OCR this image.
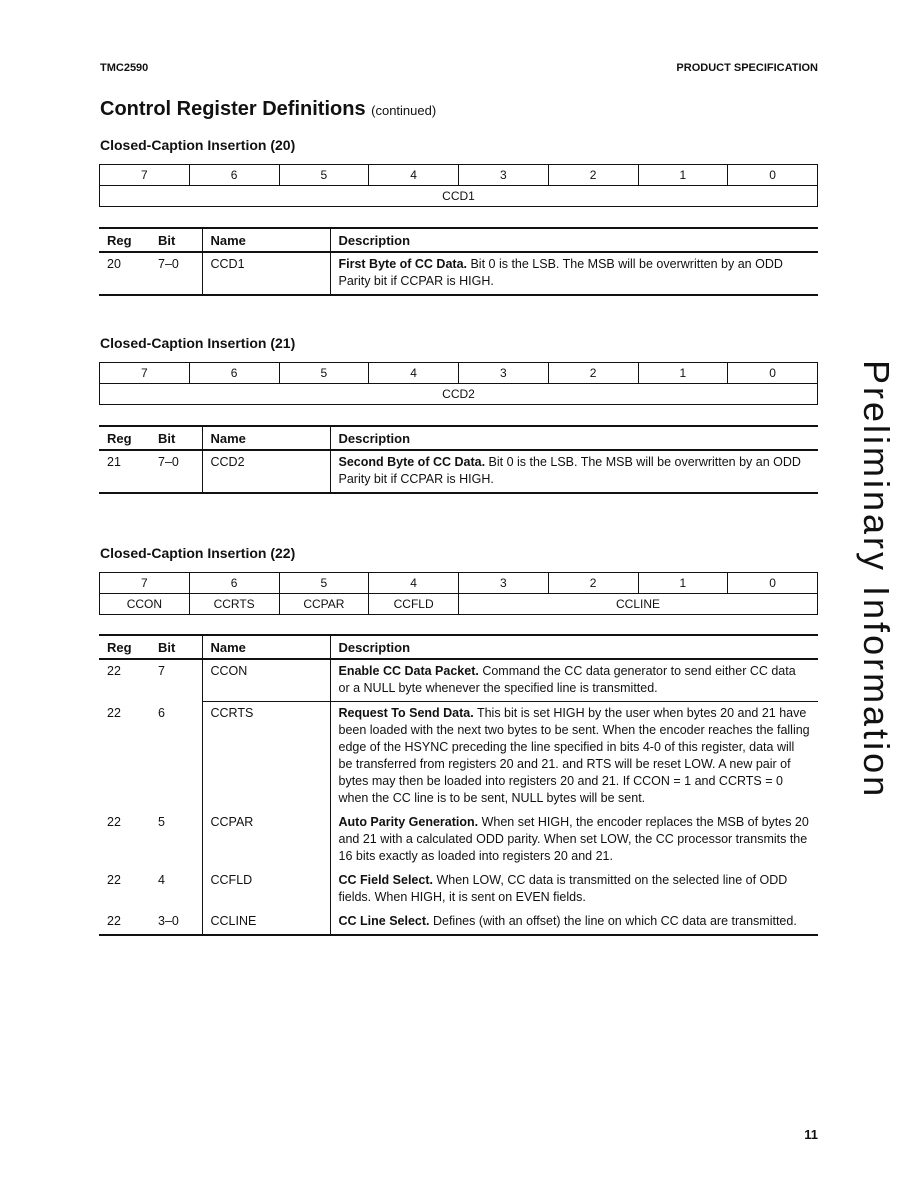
TMC2590	PRODUCT SPECIFICATION
Control Register Definitions (continued)
Closed-Caption Insertion (20)
7	6	5	4	3	2	1	0
CCD1
Reg	Bit	Name	Description
20	7–0	CCD1	First Byte of CC Data. Bit 0 is the LSB. The MSB will be overwritten by an ODD Parity bit if CCPAR is HIGH.
Closed-Caption Insertion (21)
7	6	5	4	3	2	1	0
CCD2
Reg	Bit	Name	Description
21	7–0	CCD2	Second Byte of CC Data. Bit 0 is the LSB. The MSB will be overwritten by an ODD Parity bit if CCPAR is HIGH.
Closed-Caption Insertion (22)
7	6	5	4	3	2	1	0
CCON	CCRTS	CCPAR	CCFLD	CCLINE			
Reg	Bit	Name	Description
22	7	CCON	Enable CC Data Packet. Command the CC data generator to send either CC data or a NULL byte whenever the specified line is transmitted.
22	6	CCRTS	Request To Send Data. This bit is set HIGH by the user when bytes 20 and 21 have been loaded with the next two bytes to be sent. When the encoder reaches the falling edge of the HSYNC preceding the line specified in bits 4-0 of this register, data will be transferred from registers 20 and 21. and RTS will be reset LOW. A new pair of bytes may then be loaded into registers 20 and 21. If CCON = 1 and CCRTS = 0 when the CC line is to be sent, NULL bytes will be sent.
22	5	CCPAR	Auto Parity Generation. When set HIGH, the encoder replaces the MSB of bytes 20 and 21 with a calculated ODD parity. When set LOW, the CC processor transmits the 16 bits exactly as loaded into registers 20 and 21.
22	4	CCFLD	CC Field Select. When LOW, CC data is transmitted on the selected line of ODD fields. When HIGH, it is sent on EVEN fields.
22	3–0	CCLINE	CC Line Select. Defines (with an offset) the line on which CC data are transmitted.
Preliminary Information
11
